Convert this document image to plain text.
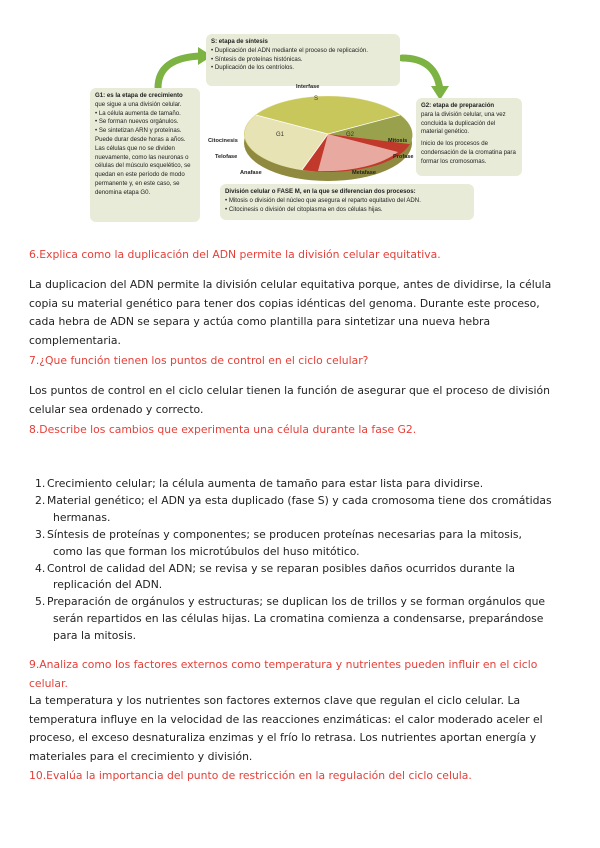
S: etapa de síntesis
• Duplicación del ADN mediante el proceso de replicación.
• Síntesis de proteínas histónicas.
• Duplicación de los centríolos.
G1: es la etapa de crecimiento
que sigue a una división celular.
• La célula aumenta de tamaño.
• Se forman nuevos orgánulos.
• Se sintetizan ARN y proteínas.
Puede durar desde horas a años.
Las células que no se dividen nuevamente, como las neuronas o células del músculo esquelético, se quedan en este período de modo permanente y, en este caso, se denomina etapa G0.
G2: etapa de preparación
para la división celular, una vez concluida la duplicación del material genético.
Inicio de los procesos de condensación de la cromatina para formar los cromosomas.
S
G1	G2
Interfase
Citocinesis
Telofase
Anafase
Mitosis
Profase
Metafase
División celular o FASE M, en la que se diferencian dos procesos:
• Mitosis o división del núcleo que asegura el reparto equitativo del ADN.
• Citocinesis o división del citoplasma en dos células hijas.
6.Explica como la duplicación del ADN permite la división celular equitativa.
La duplicacion del ADN permite la división celular equitativa porque, antes de dividirse, la célula
copia su material genético para tener dos copias idénticas del genoma. Durante este proceso,
cada hebra de ADN se separa y actúa como plantilla para sintetizar una nueva hebra
complementaria.
7.¿Que función tienen los puntos de control en el ciclo celular?
Los puntos de control en el ciclo celular tienen la función de asegurar que el proceso de división
celular sea ordenado y correcto.
8.Describe los cambios que experimenta una célula durante la fase G2.
1. Crecimiento celular; la célula aumenta de tamaño para estar lista para dividirse.
2. Material genético; el ADN ya esta duplicado (fase S) y cada cromosoma tiene dos cromátidas
hermanas.
3. Síntesis de proteínas y componentes; se producen proteínas necesarias para la mitosis,
como las que forman los microtúbulos del huso mitótico.
4. Control de calidad del ADN; se revisa y se reparan posibles daños ocurridos durante la
replicación del ADN.
5. Preparación de orgánulos y estructuras; se duplican los de trillos y se forman orgánulos que
serán repartidos en las células hijas. La cromatina comienza a condensarse, preparándose
para la mitosis.
9.Analiza como los factores externos como temperatura y nutrientes pueden influir en el ciclo
celular.
La temperatura y los nutrientes son factores externos clave que regulan el ciclo celular. La
temperatura influye en la velocidad de las reacciones enzimáticas: el calor moderado aceler el
proceso, el exceso desnaturaliza enzimas y el frío lo retrasa. Los nutrientes aportan energía y
materiales para el crecimiento y división.
10.Evalúa la importancia del punto de restricción en la regulación del ciclo celula.
